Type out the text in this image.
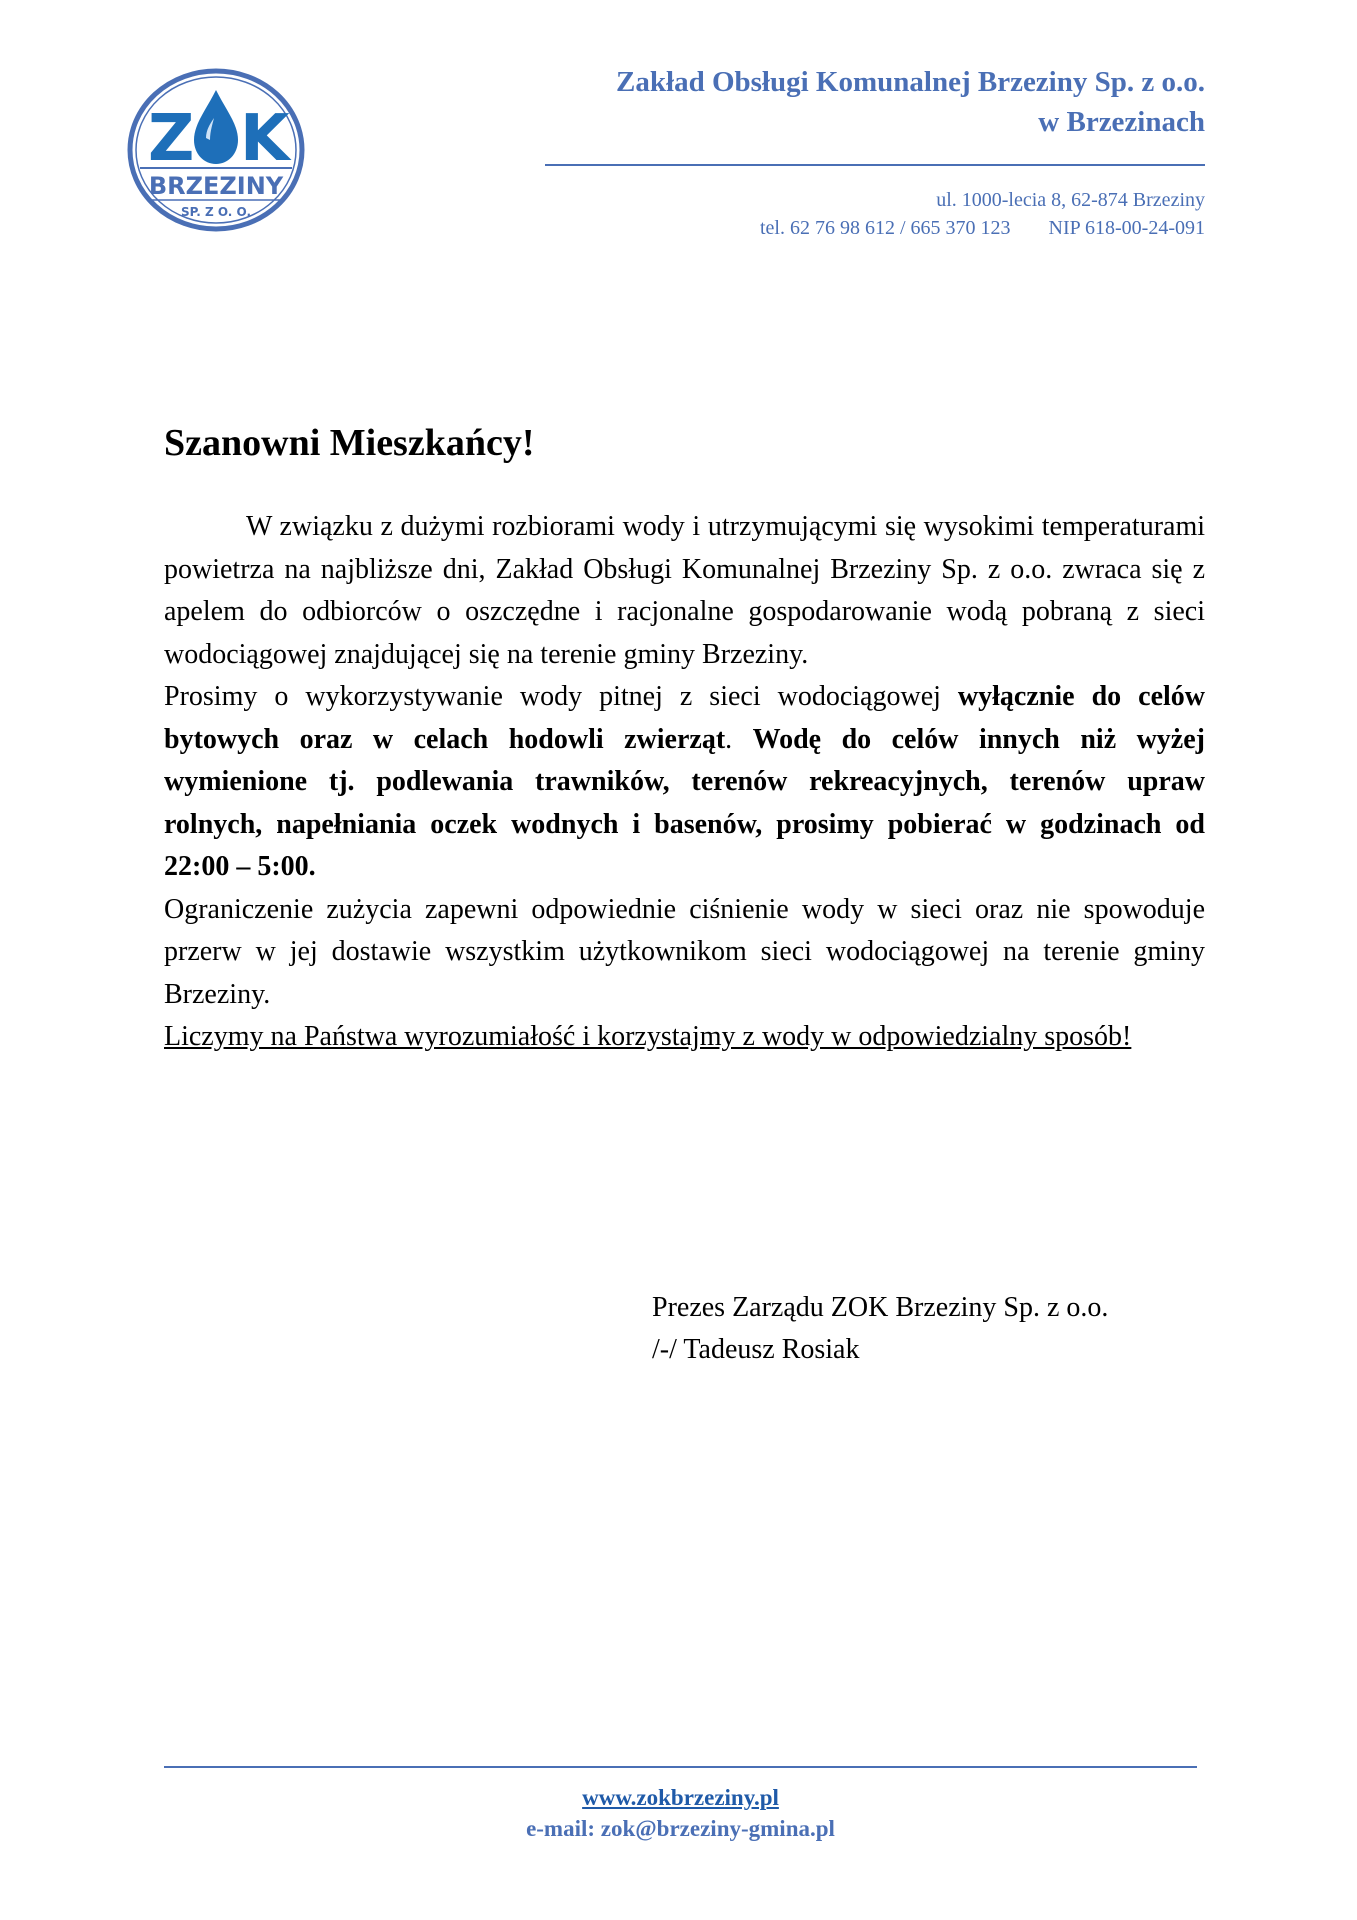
Z K
BRZEZINY
SP. Z O. O.
Zakład Obsługi Komunalnej Brzeziny Sp. z o.o.
w Brzezinach
ul. 1000-lecia 8, 62-874 Brzeziny
tel. 62 76 98 612 / 665 370 123 NIP 618-00-24-091
Szanowni Mieszkańcy!

W związku z dużymi rozbiorami wody i utrzymującymi się wysokimi temperaturami powietrza na najbliższe dni, Zakład Obsługi Komunalnej Brzeziny Sp. z o.o. zwraca się z apelem do odbiorców o oszczędne i racjonalne gospodarowanie wodą pobraną z sieci wodociągowej znajdującej się na terenie gminy Brzeziny.

Prosimy o wykorzystywanie wody pitnej z sieci wodociągowej wyłącznie do celów bytowych oraz w celach hodowli zwierząt. Wodę do celów innych niż wyżej wymienione tj. podlewania trawników, terenów rekreacyjnych, terenów upraw rolnych, napełniania oczek wodnych i basenów, prosimy pobierać w godzinach od 22:00 – 5:00.

Ograniczenie zużycia zapewni odpowiednie ciśnienie wody w sieci oraz nie spowoduje przerw w jej dostawie wszystkim użytkownikom sieci wodociągowej na terenie gminy Brzeziny.

Liczymy na Państwa wyrozumiałość i korzystajmy z wody w odpowiedzialny sposób!

Prezes Zarządu ZOK Brzeziny Sp. z o.o.
/-/ Tadeusz Rosiak
www.zokbrzeziny.pl
e-mail: zok@brzeziny-gmina.pl
